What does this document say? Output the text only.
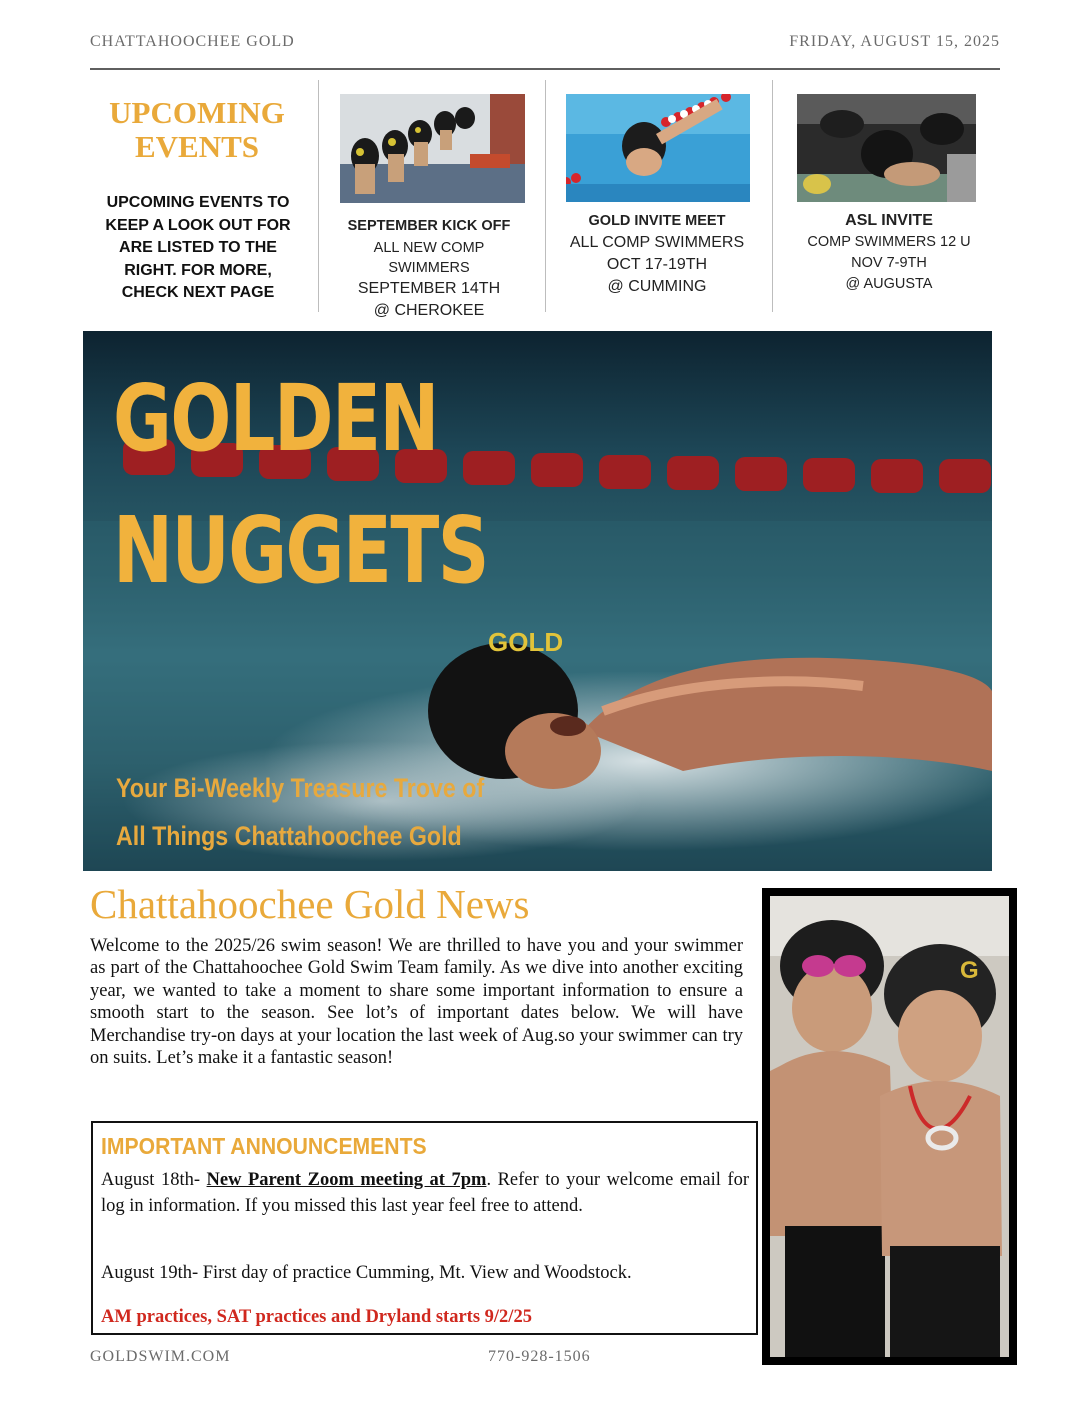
CHATTAHOOCHEE GOLD	FRIDAY, AUGUST 15, 2025
UPCOMING
EVENTS
UPCOMING EVENTS TO KEEP A LOOK OUT FOR ARE LISTED TO THE RIGHT. FOR MORE, CHECK NEXT PAGE
SEPTEMBER KICK OFF
ALL NEW COMP
SWIMMERS
SEPTEMBER 14TH
@ CHEROKEE
GOLD INVITE MEET
ALL COMP SWIMMERS
OCT 17-19TH
@ CUMMING
ASL INVITE
COMP SWIMMERS 12 U
NOV 7-9TH
@ AUGUSTA
GOLD
GOLDEN
NUGGETS
Your Bi-Weekly Treasure Trove of
All Things Chattahoochee Gold
Chattahoochee Gold News
Welcome to the 2025/26 swim season! We are thrilled to have you and your swimmer as part of the Chattahoochee Gold Swim Team family. As we dive into another exciting year, we wanted to take a moment to share some important information to ensure a smooth start to the season. See lot’s of important dates below. We will have Merchandise try-on days at your location the last week of Aug.so your swimmer can try on suits. Let’s make it a fantastic season!
IMPORTANT ANNOUNCEMENTS
August 18th- New Parent Zoom meeting at 7pm. Refer to your welcome email for log in information. If you missed this last year feel free to attend.
August 19th- First day of practice Cumming, Mt. View and Woodstock.
AM practices, SAT practices and Dryland starts 9/2/25
G
GOLDSWIM.COM	770-928-1506
